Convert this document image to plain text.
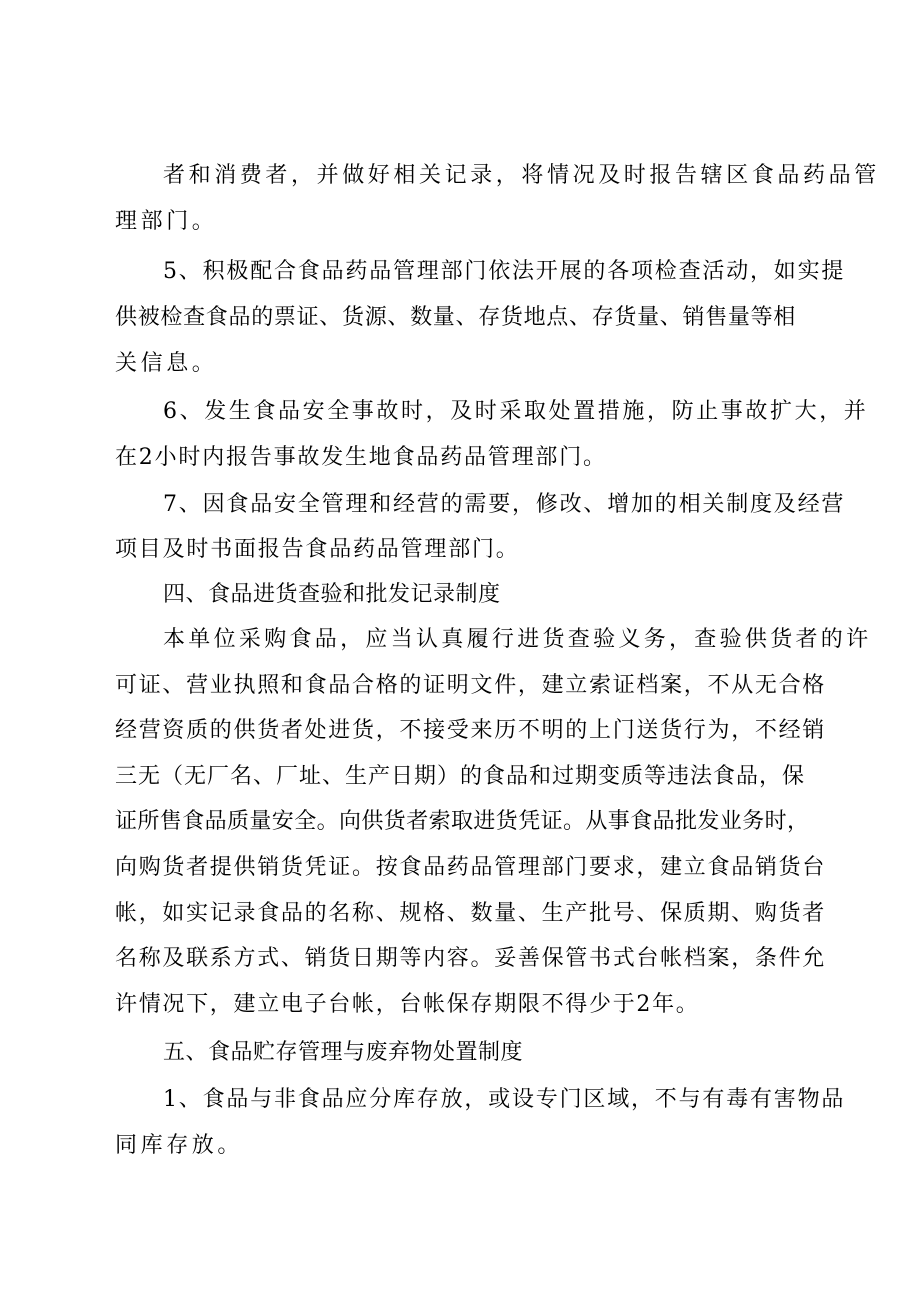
者和消费者，并做好相关记录，将情况及时报告辖区食品药品管

理部门。

5、积极配合食品药品管理部门依法开展的各项检查活动，如实提

供被检查食品的票证、货源、数量、存货地点、存货量、销售量等相

关信息。

6、发生食品安全事故时，及时采取处置措施，防止事故扩大，并

在2小时内报告事故发生地食品药品管理部门。

7、因食品安全管理和经营的需要，修改、增加的相关制度及经营

项目及时书面报告食品药品管理部门。

四、食品进货查验和批发记录制度

本单位采购食品，应当认真履行进货查验义务，查验供货者的许

可证、营业执照和食品合格的证明文件，建立索证档案，不从无合格

经营资质的供货者处进货，不接受来历不明的上门送货行为，不经销

三无（无厂名、厂址、生产日期）的食品和过期变质等违法食品，保

证所售食品质量安全。向供货者索取进货凭证。从事食品批发业务时，

向购货者提供销货凭证。按食品药品管理部门要求，建立食品销货台

帐，如实记录食品的名称、规格、数量、生产批号、保质期、购货者

名称及联系方式、销货日期等内容。妥善保管书式台帐档案，条件允

许情况下，建立电子台帐，台帐保存期限不得少于2年。

五、食品贮存管理与废弃物处置制度

1、食品与非食品应分库存放，或设专门区域，不与有毒有害物品

同库存放。
